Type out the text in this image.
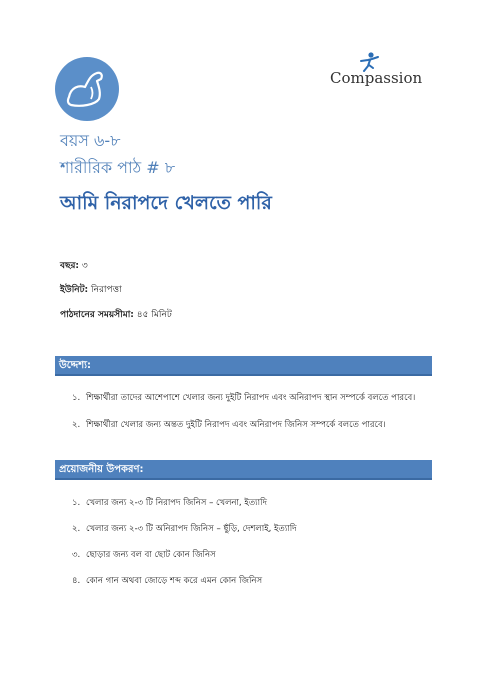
Compassion
বয়স ৬-৮
শারীরিক পাঠ # ৮
আমি নিরাপদে খেলতে পারি
বছর: ৩
ইউনিট: নিরাপত্তা
পাঠদানের সময়সীমা: ৪৫ মিনিট
উদ্দেশ্য:
১. শিক্ষার্থীরা তাদের আশেপাশে খেলার জন্য দুইটি নিরাপদ এবং অনিরাপদ স্থান সম্পর্কে বলতে পারবে।
২. শিক্ষার্থীরা খেলার জন্য অন্তত দুইটি নিরাপদ এবং অনিরাপদ জিনিস সম্পর্কে বলতে পারবে।
প্রয়োজনীয় উপকরণ:
১. খেলার জন্য ২-৩ টি নিরাপদ জিনিস – খেলনা, ইত্যাদি
২. খেলার জন্য ২-৩ টি অনিরাপদ জিনিস – ছুঁড়ি, দেশলাই, ইত্যাদি
৩. ছোড়ার জন্য বল বা ছোট কোন জিনিস
৪. কোন গান অথবা জোড়ে শব্দ করে এমন কোন জিনিস
